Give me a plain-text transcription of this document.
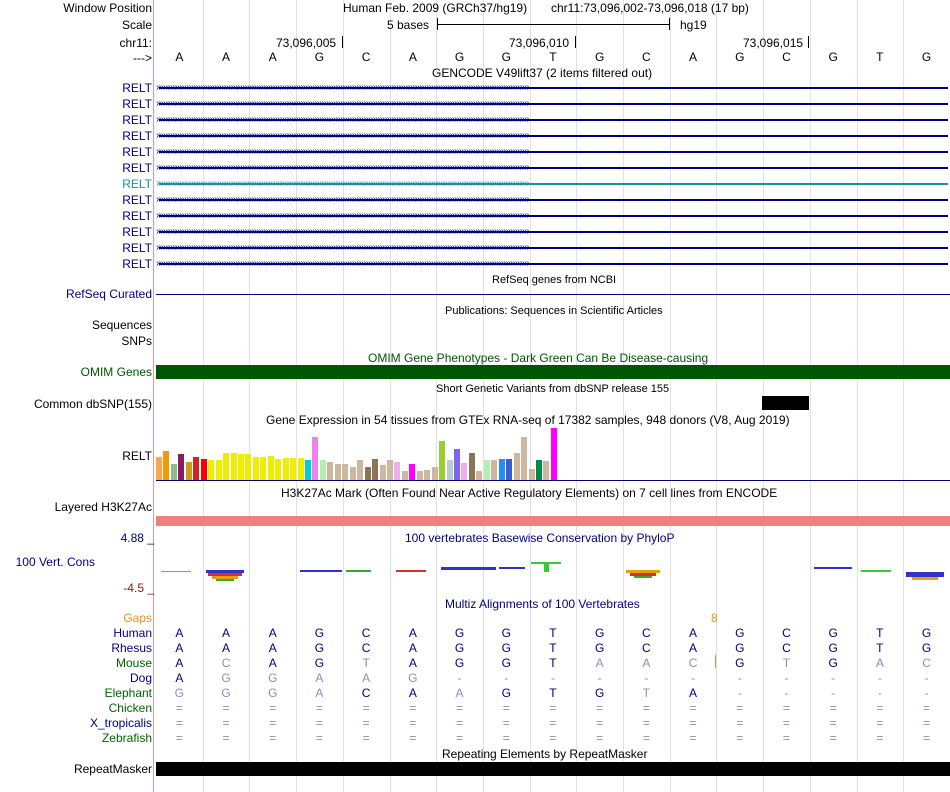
Window Position
Scale
chr11:
--->
Human Feb. 2009 (GRCh37/hg19) chr11:73,096,002-73,096,018 (17 bp)
5 bases	hg19
73,096,005	73,096,010	73,096,015
A	A	A	G	C	A	G	G	T	G	C	A	G	C	G	T	G
GENCODE V49lift37 (2 items filtered out)
RELT ››››››››››››››››››››››››››››››››››››››››››››››››››››››››››››››››››››››››››››››››››››››››››››››››››››››››››››››››››››››››››››››››››››››››››››››››››››››››››››››››
RELT ››››››››››››››››››››››››››››››››››››››››››››››››››››››››››››››››››››››››››››››››››››››››››››››››››››››››››››››››››››››››››››››››››››››››››››››››››››››››››››››››
RELT ››››››››››››››››››››››››››››››››››››››››››››››››››››››››››››››››››››››››››››››››››››››››››››››››››››››››››››››››››››››››››››››››››››››››››››››››››››››››››››››››
RELT ››››››››››››››››››››››››››››››››››››››››››››››››››››››››››››››››››››››››››››››››››››››››››››››››››››››››››››››››››››››››››››››››››››››››››››››››››››››››››››››››
RELT ››››››››››››››››››››››››››››››››››››››››››››››››››››››››››››››››››››››››››››››››››››››››››››››››››››››››››››››››››››››››››››››››››››››››››››››››››››››››››››››››
RELT ››››››››››››››››››››››››››››››››››››››››››››››››››››››››››››››››››››››››››››››››››››››››››››››››››››››››››››››››››››››››››››››››››››››››››››››››››››››››››››››››
RELT ››››››››››››››››››››››››››››››››››››››››››››››››››››››››››››››››››››››››››››››››››››››››››››››››››››››››››››››››››››››››››››››››››››››››››››››››››››››››››››››››
RELT ››››››››››››››››››››››››››››››››››››››››››››››››››››››››››››››››››››››››››››››››››››››››››››››››››››››››››››››››››››››››››››››››››››››››››››››››››››››››››››››››
RELT ››››››››››››››››››››››››››››››››››››››››››››››››››››››››››››››››››››››››››››››››››››››››››››››››››››››››››››››››››››››››››››››››››››››››››››››››››››››››››››››››
RELT ››››››››››››››››››››››››››››››››››››››››››››››››››››››››››››››››››››››››››››››››››››››››››››››››››››››››››››››››››››››››››››››››››››››››››››››››››››››››››››››››
RELT ››››››››››››››››››››››››››››››››››››››››››››››››››››››››››››››››››››››››››››››››››››››››››››››››››››››››››››››››››››››››››››››››››››››››››››››››››››››››››››››››
RELT ››››››››››››››››››››››››››››››››››››››››››››››››››››››››››››››››››››››››››››››››››››››››››››››››››››››››››››››››››››››››››››››››››››››››››››››››››››››››››››››››
RefSeq genes from NCBI
RefSeq Curated
Publications: Sequences in Scientific Articles
Sequences
SNPs
OMIM Gene Phenotypes - Dark Green Can Be Disease-causing
OMIM Genes
Short Genetic Variants from dbSNP release 155
Common dbSNP(155)
Gene Expression in 54 tissues from GTEx RNA-seq of 17382 samples, 948 donors (V8, Aug 2019)
RELT
H3K27Ac Mark (Often Found Near Active Regulatory Elements) on 7 cell lines from ENCODE
Layered H3K27Ac
100 vertebrates Basewise Conservation by PhyloP
4.88 _
100 Vert. Cons
-4.5 _
Multiz Alignments of 100 Vertebrates
Gaps	8
Human A	A	A	G	C	A	G	G	T	G	C	A	G	C	G	T	G
Rhesus A	A	A	G	C	A	G	G	T	G	C	A	G	C	G	T	G
Mouse A	C	A	G	T	A	G	G	T	A	A	C	G	T	G	A	C
Dog A	G	G	A	A	G	-	-	-	-	-	-	-	-	-	-	-
Elephant G	G	G	A	C	A	A	G	T	G	T	A	-	-	-	-	-
Chicken =	=	=	=	=	=	=	=	=	=	=	=	=	=	=	=	=
X_tropicalis =	=	=	=	=	=	=	=	=	=	=	=	=	=	=	=	=
Zebrafish =	=	=	=	=	=	=	=	=	=	=	=	=	=	=	=	=
Repeating Elements by RepeatMasker
RepeatMasker
